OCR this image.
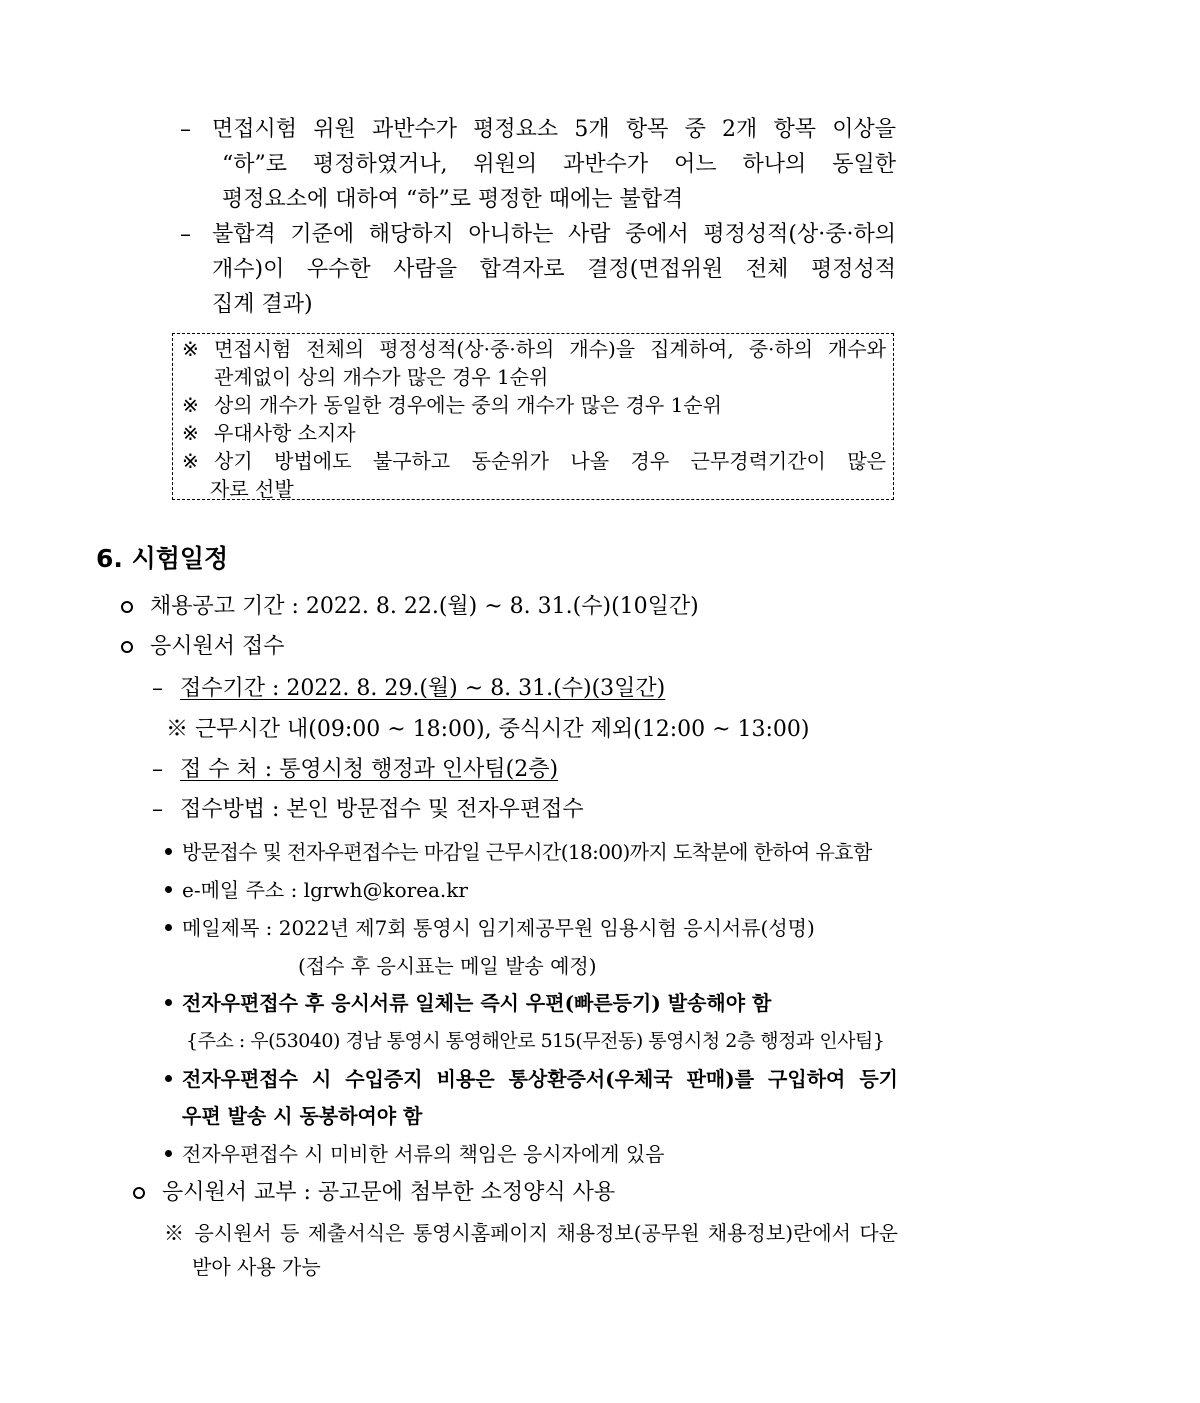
– 면접시험 위원 과반수가 평정요소 5개 항목 중 2개 항목 이상을
“하”로 평정하였거나, 위원의 과반수가 어느 하나의 동일한
평정요소에 대하여 “하”로 평정한 때에는 불합격
– 불합격 기준에 해당하지 아니하는 사람 중에서 평정성적(상·중·하의
개수)이 우수한 사람을 합격자로 결정(면접위원 전체 평정성적
집계 결과)
※ 면접시험 전체의 평정성적(상·중·하의 개수)을 집계하여, 중·하의 개수와
관계없이 상의 개수가 많은 경우 1순위
※ 상의 개수가 동일한 경우에는 중의 개수가 많은 경우 1순위
※ 우대사항 소지자
※ 상기 방법에도 불구하고 동순위가 나올 경우 근무경력기간이 많은
자로 선발
6. 시험일정
채용공고 기간 : 2022. 8. 22.(월) ~ 8. 31.(수)(10일간)
응시원서 접수
– 접수기간 : 2022. 8. 29.(월) ~ 8. 31.(수)(3일간)
※ 근무시간 내(09:00 ~ 18:00), 중식시간 제외(12:00 ~ 13:00)
– 접 수 처 : 통영시청 행정과 인사팀(2층)
– 접수방법 : 본인 방문접수 및 전자우편접수
방문접수 및 전자우편접수는 마감일 근무시간(18:00)까지 도착분에 한하여 유효함
e-메일 주소 : lgrwh@korea.kr
메일제목 : 2022년 제7회 통영시 임기제공무원 임용시험 응시서류(성명)
(접수 후 응시표는 메일 발송 예정)
전자우편접수 후 응시서류 일체는 즉시 우편(빠른등기) 발송해야 함
{주소 : 우(53040) 경남 통영시 통영해안로 515(무전동) 통영시청 2층 행정과 인사팀}
전자우편접수 시 수입증지 비용은 통상환증서(우체국 판매)를 구입하여 등기
우편 발송 시 동봉하여야 함
전자우편접수 시 미비한 서류의 책임은 응시자에게 있음
응시원서 교부 : 공고문에 첨부한 소정양식 사용
※ 응시원서 등 제출서식은 통영시홈페이지 채용정보(공무원 채용정보)란에서 다운
받아 사용 가능
